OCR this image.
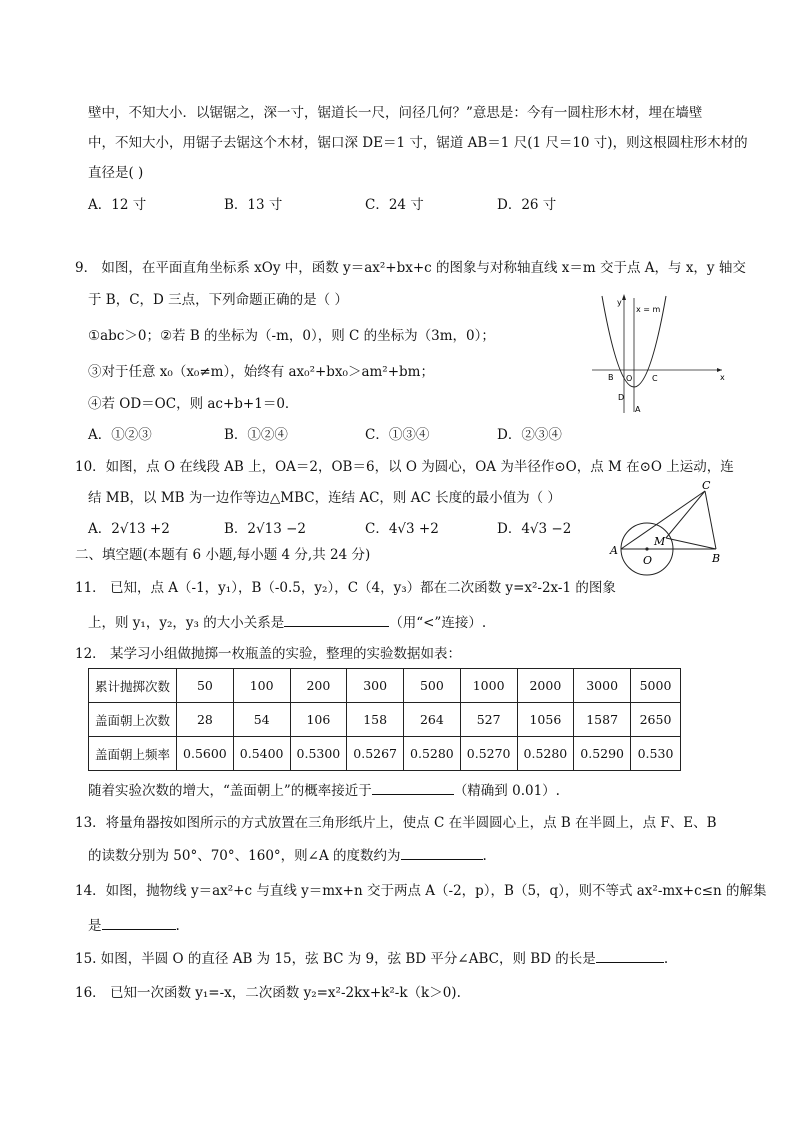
壁中，不知大小．以锯锯之，深一寸，锯道长一尺，问径几何？”意思是：今有一圆柱形木材，埋在墙壁
中，不知大小，用锯子去锯这个木材，锯口深 DE＝1 寸，锯道 AB＝1 尺(1 尺＝10 寸)，则这根圆柱形木材的
直径是( )
A．12 寸	B．13 寸	C．24 寸	D．26 寸
9． 如图，在平面直角坐标系 xOy 中，函数 y＝ax²+bx+c 的图象与对称轴直线 x＝m 交于点 A，与 x，y 轴交
于 B，C，D 三点，下列命题正确的是（ ）
①abc＞0；②若 B 的坐标为（-m，0），则 C 的坐标为（3m，0）；
③对于任意 x₀（x₀≠m），始终有 ax₀²+bx₀＞am²+bm；
④若 OD＝OC，则 ac+b+1＝0．
A．①②③	B．①②④	C．①③④	D．②③④
y
x = m
x
B O C
D
A
10．如图，点 O 在线段 AB 上，OA＝2，OB＝6，以 O 为圆心，OA 为半径作⊙O，点 M 在⊙O 上运动，连
结 MB，以 MB 为一边作等边△MBC，连结 AC，则 AC 长度的最小值为（ ）
A．2√13 +2	B．2√13 −2	C．4√3 +2	D．4√3 −2
A
B
C
M
O
二、填空题(本题有 6 小题,每小题 4 分,共 24 分)
11． 已知，点 A（-1，y₁），B（-0.5，y₂），C（4，y₃）都在二次函数 y=x²-2x-1 的图象
上，则 y₁，y₂，y₃ 的大小关系是	（用“<”连接）.
12． 某学习小组做抛掷一枚瓶盖的实验，整理的实验数据如表：
累计抛掷次数	50	100	200	300	500	1000	2000	3000	5000
盖面朝上次数	28	54	106	158	264	527	1056	1587	2650
盖面朝上频率	0.5600	0.5400	0.5300	0.5267	0.5280	0.5270	0.5280	0.5290	0.530
随着实验次数的增大，“盖面朝上”的概率接近于	（精确到 0.01）.
13．将量角器按如图所示的方式放置在三角形纸片上，使点 C 在半圆圆心上，点 B 在半圆上，点 F、E、B
的读数分别为 50°、70°、160°，则∠A 的度数约为	.
14．如图，抛物线 y＝ax²+c 与直线 y＝mx+n 交于两点 A（-2，p），B（5，q），则不等式 ax²-mx+c≤n 的解集
是	.
15. 如图，半圆 O 的直径 AB 为 15，弦 BC 为 9，弦 BD 平分∠ABC，则 BD 的长是	.
16． 已知一次函数 y₁=-x，二次函数 y₂=x²-2kx+k²-k（k＞0).
